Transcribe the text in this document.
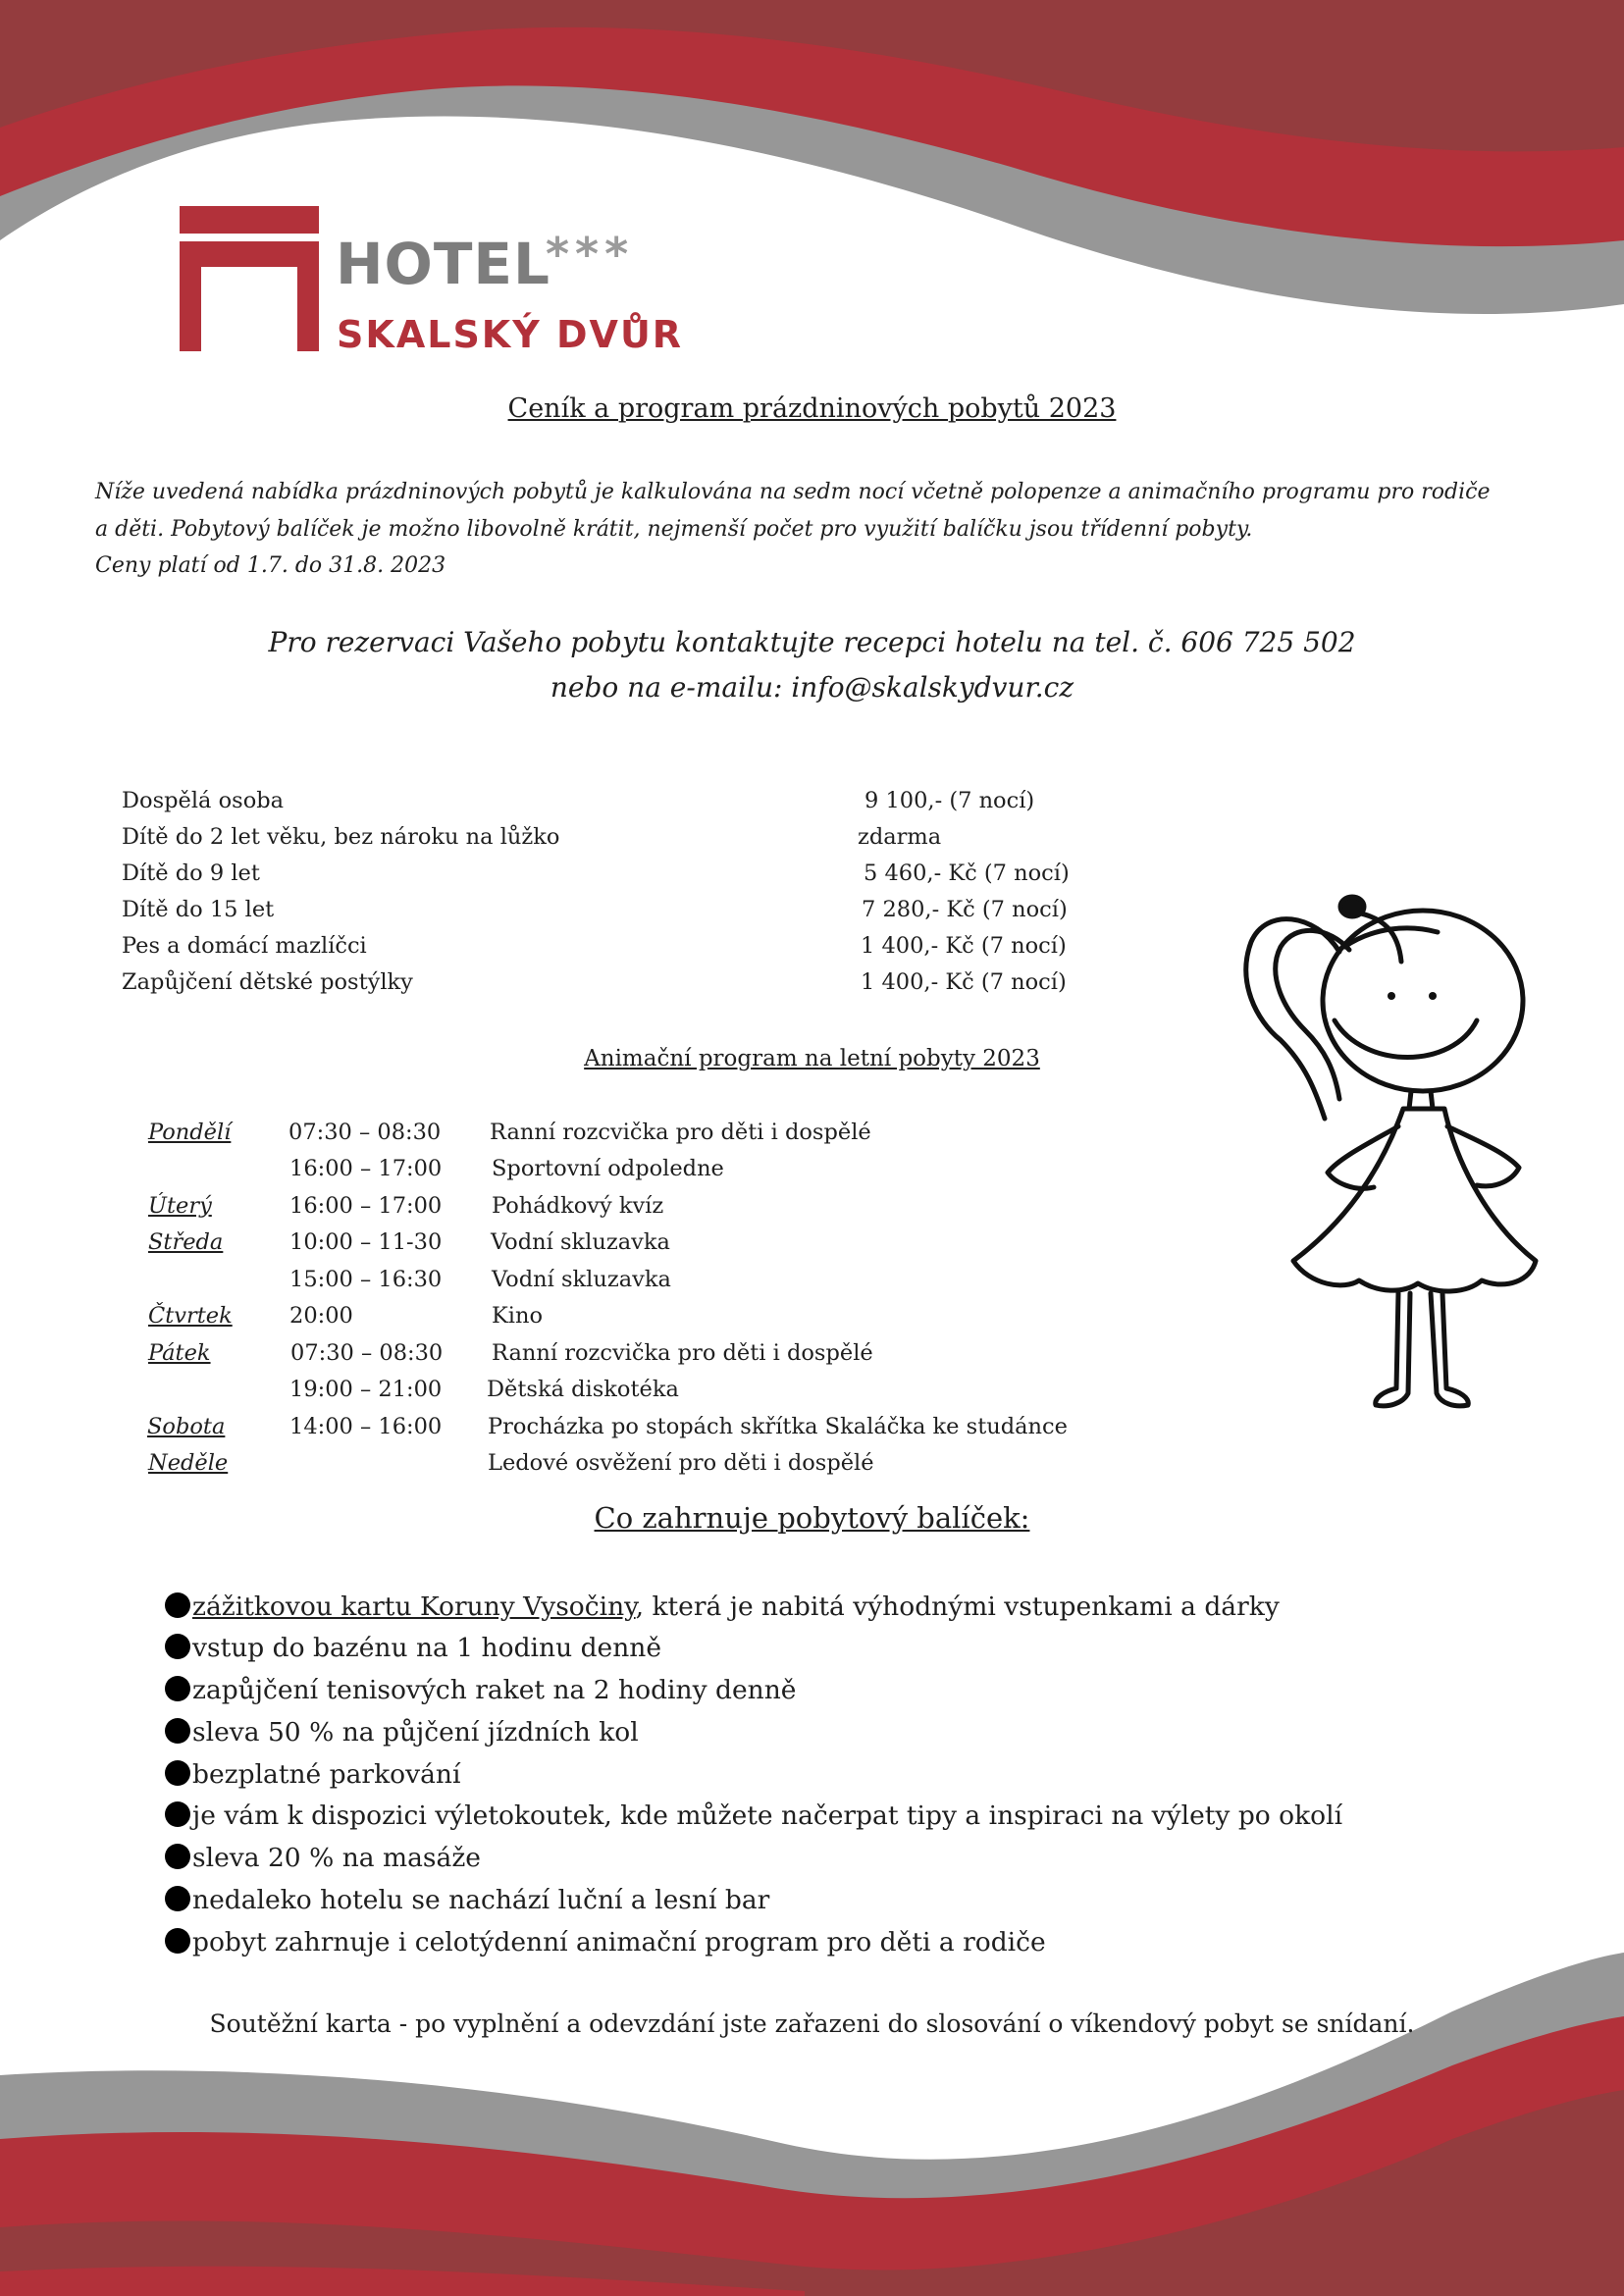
HOTEL
***
SKALSKÝ DVŮR
Ceník a program prázdninových pobytů 2023
Níže uvedená nabídka prázdninových pobytů je kalkulována na sedm nocí včetně polopenze a animačního programu pro rodiče
a děti. Pobytový balíček je možno libovolně krátit, nejmenší počet pro využití balíčku jsou třídenní pobyty.
Ceny platí od 1.7. do 31.8. 2023
Pro rezervaci Vašeho pobytu kontaktujte recepci hotelu na tel. č. 606 725 502
nebo na e-mailu: info@skalskydvur.cz
Dospělá osoba	9 100,- (7 nocí)
Dítě do 2 let věku, bez nároku na lůžko	zdarma
Dítě do 9 let	5 460,- Kč (7 nocí)
Dítě do 15 let	7 280,- Kč (7 nocí)
Pes a domácí mazlíčci	1 400,- Kč (7 nocí)
Zapůjčení dětské postýlky	1 400,- Kč (7 nocí)
Animační program na letní pobyty 2023
Pondělí	07:30 – 08:30 Ranní rozcvička pro děti i dospělé
16:00 – 17:00 Sportovní odpoledne
Úterý	16:00 – 17:00 Pohádkový kvíz
Středa	10:00 – 11-30 Vodní skluzavka
15:00 – 16:30 Vodní skluzavka
Čtvrtek	20:00	Kino
Pátek	07:30 – 08:30 Ranní rozcvička pro děti i dospělé
19:00 – 21:00 Dětská diskotéka
Sobota	14:00 – 16:00 Procházka po stopách skřítka Skaláčka ke studánce
Neděle	Ledové osvěžení pro děti i dospělé
Co zahrnuje pobytový balíček:
zážitkovou kartu Koruny Vysočiny, která je nabitá výhodnými vstupenkami a dárky
vstup do bazénu na 1 hodinu denně
zapůjčení tenisových raket na 2 hodiny denně
sleva 50 % na půjčení jízdních kol
bezplatné parkování
je vám k dispozici výletokoutek, kde můžete načerpat tipy a inspiraci na výlety po okolí
sleva 20 % na masáže
nedaleko hotelu se nachází luční a lesní bar
pobyt zahrnuje i celotýdenní animační program pro děti a rodiče
Soutěžní karta - po vyplnění a odevzdání jste zařazeni do slosování o víkendový pobyt se snídaní.
